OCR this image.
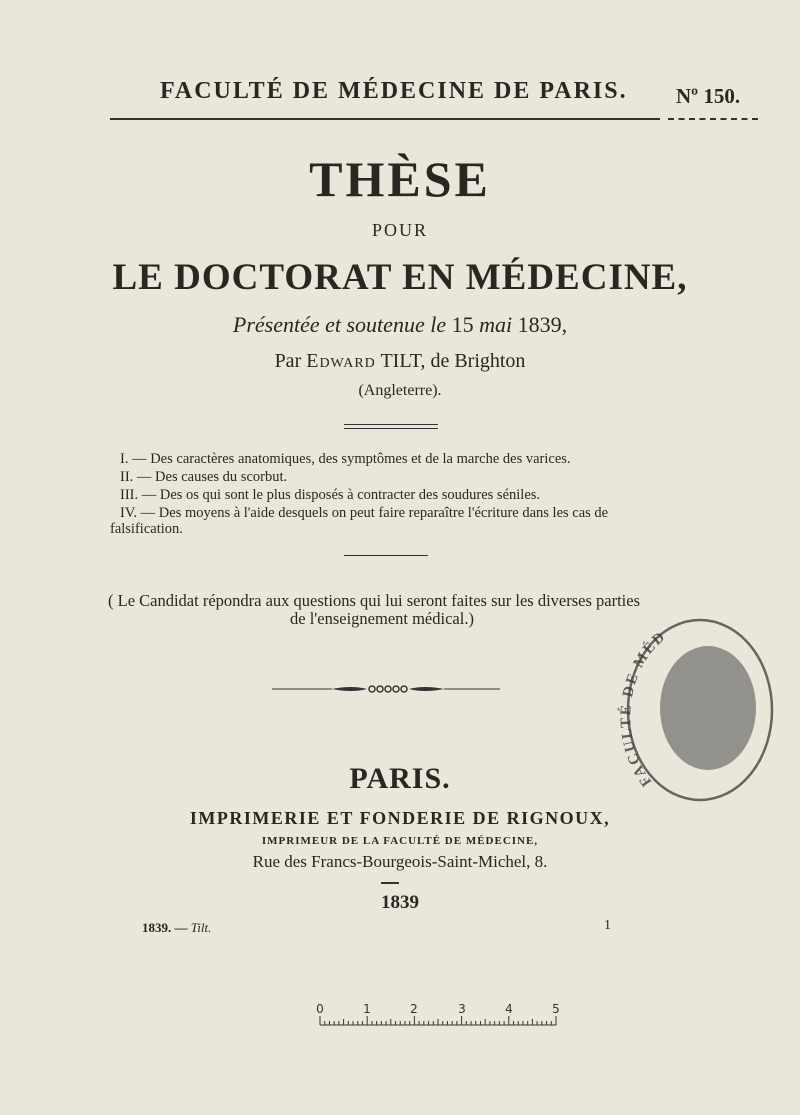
FACULTÉ DE MÉDECINE DE PARIS. Nº 150.
THÈSE
POUR
LE DOCTORAT EN MÉDECINE,
Présentée et soutenue le 15 mai 1839,
Par Edward TILT, de Brighton
(Angleterre).
I. — Des caractères anatomiques, des symptômes et de la marche des varices.
II. — Des causes du scorbut.
III. — Des os qui sont le plus disposés à contracter des soudures séniles.
IV. — Des moyens à l'aide desquels on peut faire reparaître l'écriture dans les cas de
falsification.
( Le Candidat répondra aux questions qui lui seront faites sur les diverses parties
de l'enseignement médical.)
FACULTÉ DE MÉD
PARIS.
IMPRIMERIE ET FONDERIE DE RIGNOUX,
IMPRIMEUR DE LA FACULTÉ DE MÉDECINE,
Rue des Francs-Bourgeois-Saint-Michel, 8.
1839
1839. — Tilt.	1
0	1	2	3	4	5
